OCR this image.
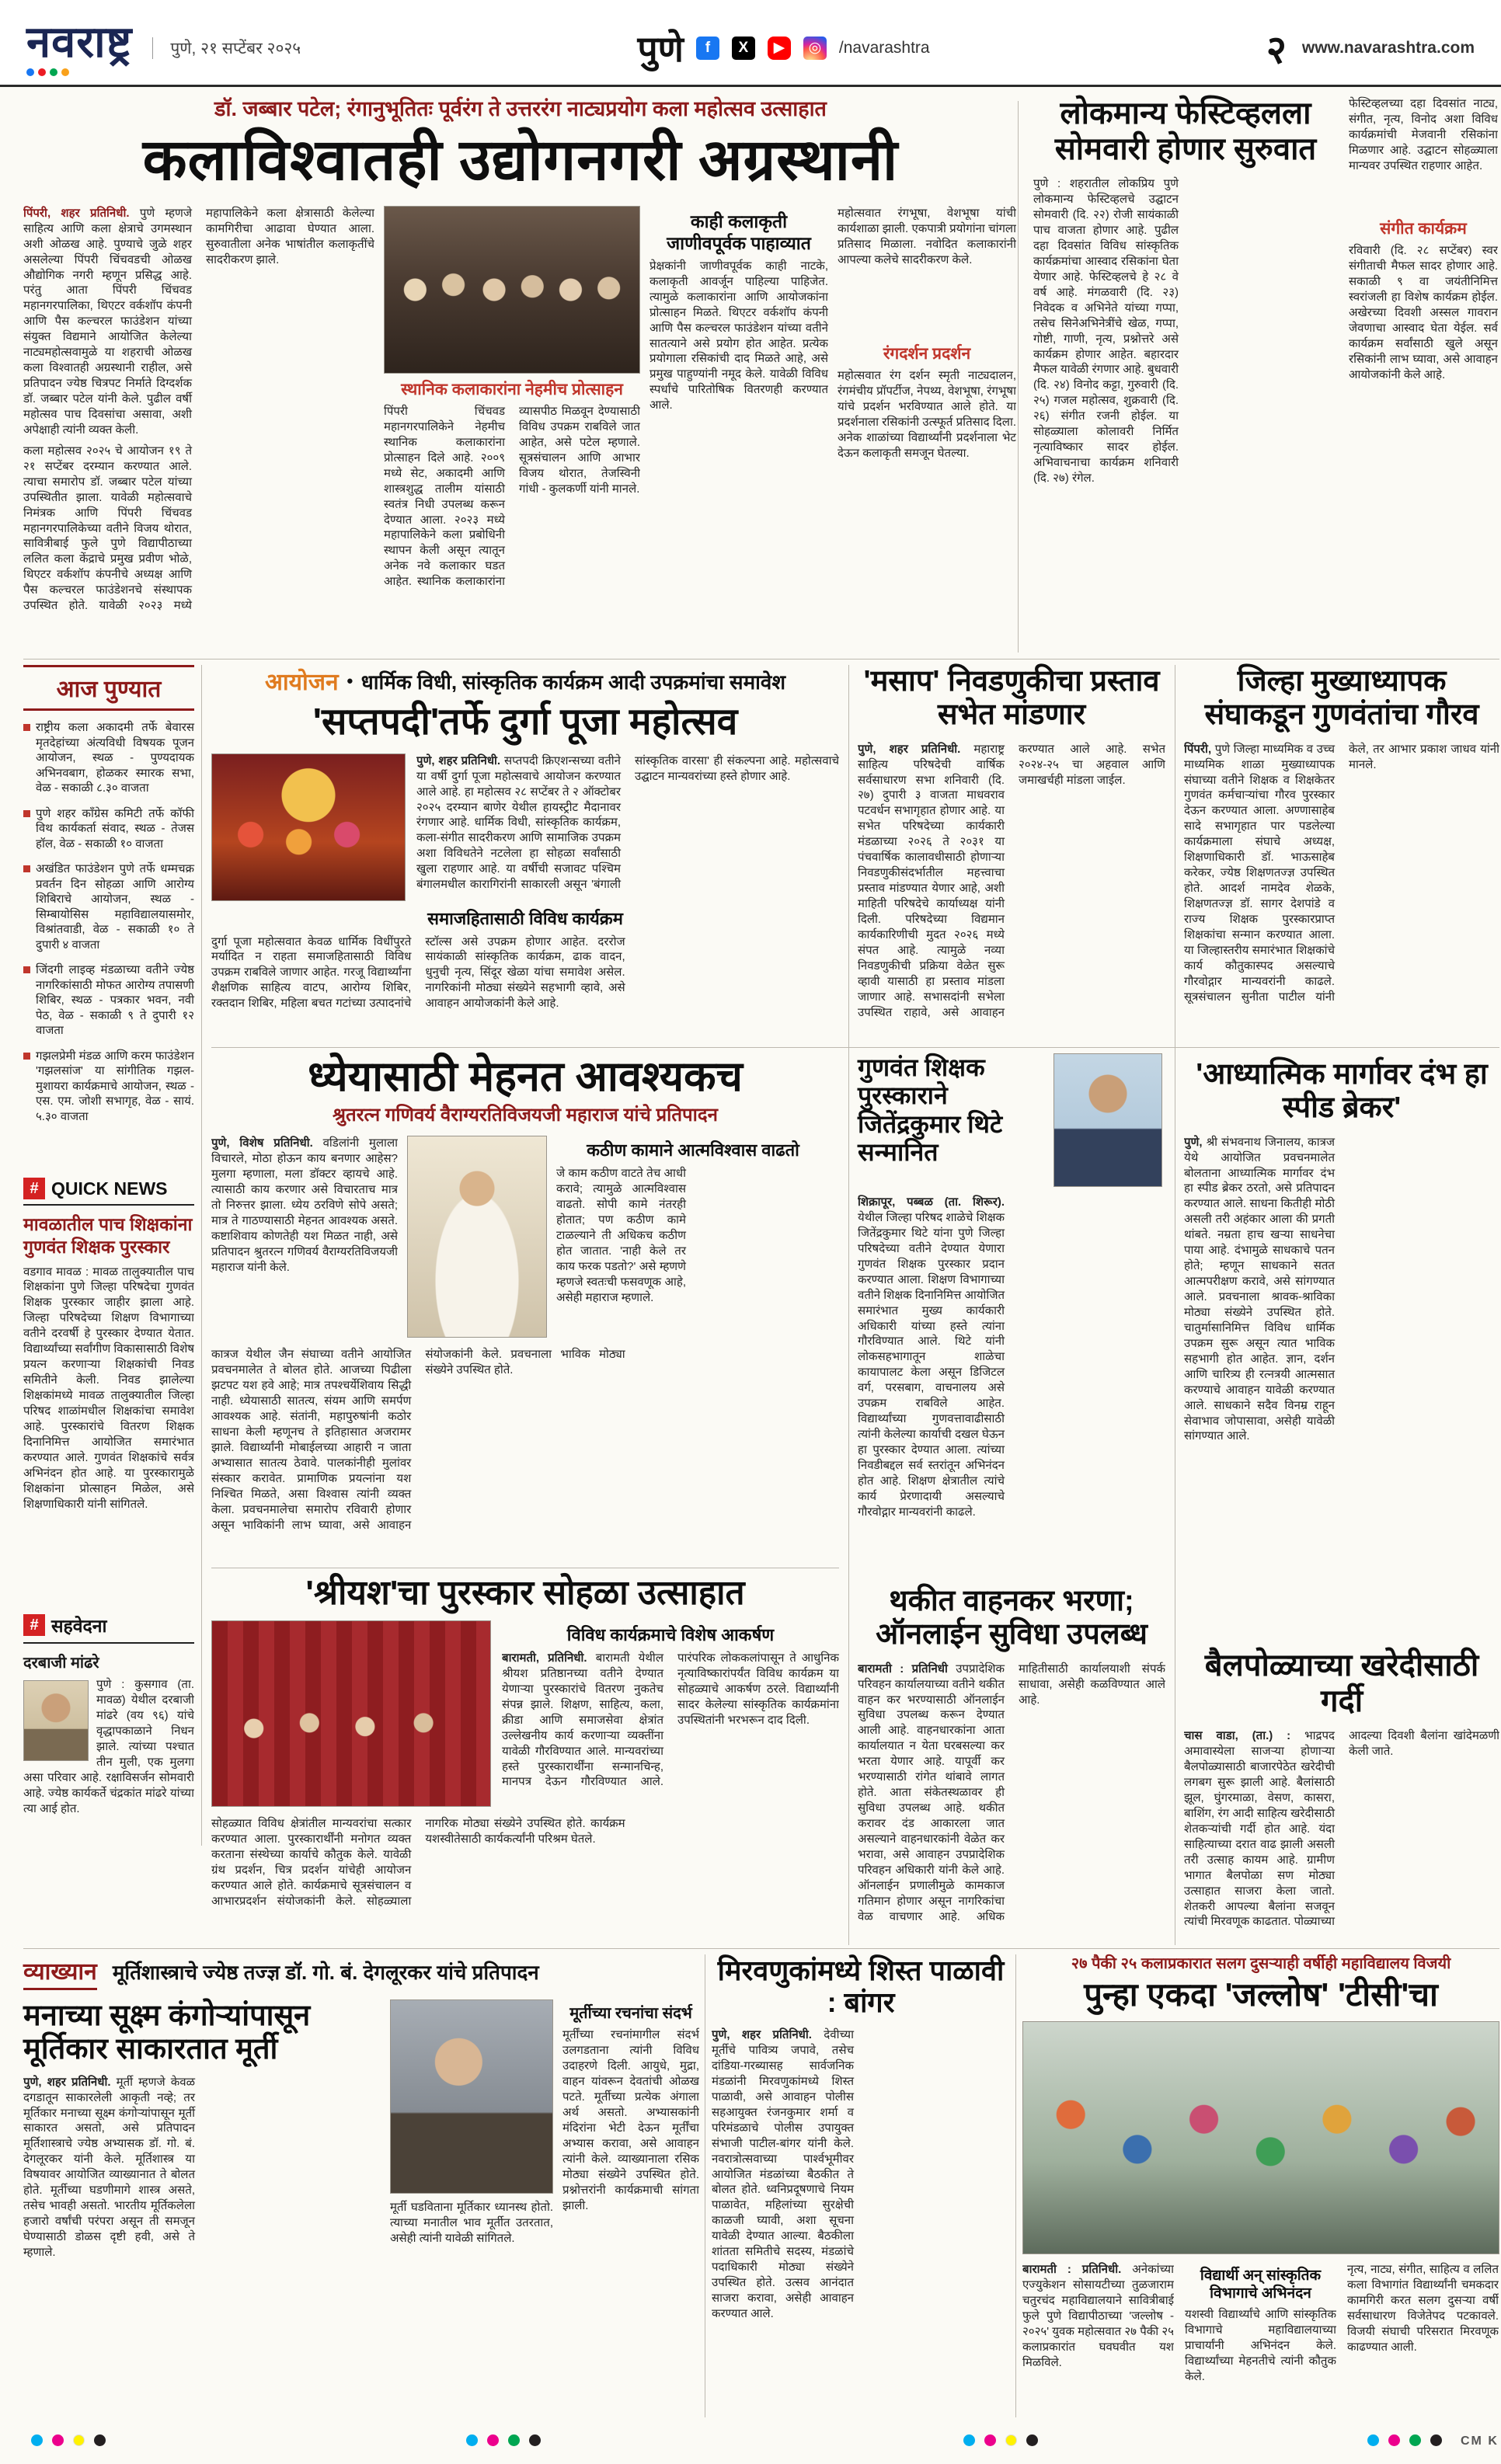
नवराष्ट्र	पुणे, २१ सप्टेंबर २०२५	पुणे	f	X	▶	◎	/navarashtra	२ www.navarashtra.com
डॉ. जब्बार पटेल; रंगानुभूतितः पूर्वरंग ते उत्तररंग नाट्यप्रयोग कला महोत्सव उत्साहात
कलाविश्वातही उद्योगनगरी अग्रस्थानी

पिंपरी, शहर प्रतिनिधी. पुणे म्हणजे साहित्य आणि कला क्षेत्राचे उगमस्थान अशी ओळख आहे. पुण्याचे जुळे शहर असलेल्या पिंपरी चिंचवडची ओळख औद्योगिक नगरी म्हणून प्रसिद्ध आहे. परंतु आता पिंपरी चिंचवड महानगरपालिका, थिएटर वर्कशॉप कंपनी आणि पैस कल्चरल फाउंडेशन यांच्या संयुक्त विद्यमाने आयोजित केलेल्या नाट्यमहोत्सवामुळे या शहराची ओळख कला विश्वातही अग्रस्थानी राहील, असे प्रतिपादन ज्येष्ठ चित्रपट निर्माते दिग्दर्शक डॉ. जब्बार पटेल यांनी केले. पुढील वर्षी महोत्सव पाच दिवसांचा असावा, अशी अपेक्षाही त्यांनी व्यक्त केली.

कला महोत्सव २०२५ चे आयोजन १९ ते २१ सप्टेंबर दरम्यान करण्यात आले. त्याचा समारोप डॉ. जब्बार पटेल यांच्या उपस्थितीत झाला. यावेळी महोत्सवाचे निमंत्रक आणि पिंपरी चिंचवड महानगरपालिकेच्या वतीने विजय थोरात, सावित्रीबाई फुले पुणे विद्यापीठाच्या ललित कला केंद्राचे प्रमुख प्रवीण भोळे, थिएटर वर्कशॉप कंपनीचे अध्यक्ष आणि पैस कल्चरल फाउंडेशनचे संस्थापक उपस्थित होते. यावेळी २०२३ मध्ये महापालिकेने कला क्षेत्रासाठी केलेल्या कामगिरीचा आढावा घेण्यात आला. सुरुवातीला अनेक भाषांतील कलाकृतींचे सादरीकरण झाले.

स्थानिक कलाकारांना नेहमीच प्रोत्साहन
पिंपरी चिंचवड महानगरपालिकेने नेहमीच स्थानिक कलाकारांना प्रोत्साहन दिले आहे. २००९ मध्ये सेट, अकादमी आणि शास्त्रशुद्ध तालीम यांसाठी स्वतंत्र निधी उपलब्ध करून देण्यात आला. २०२३ मध्ये महापालिकेने कला प्रबोधिनी स्थापन केली असून त्यातून अनेक नवे कलाकार घडत आहेत. स्थानिक कलाकारांना व्यासपीठ मिळवून देण्यासाठी विविध उपक्रम राबविले जात आहेत, असे पटेल म्हणाले. सूत्रसंचालन आणि आभार विजय थोरात, तेजस्विनी गांधी - कुलकर्णी यांनी मानले.
काही कलाकृती जाणीवपूर्वक पाहाव्यात
प्रेक्षकांनी जाणीवपूर्वक काही नाटके, कलाकृती आवर्जून पाहिल्या पाहिजेत. त्यामुळे कलाकारांना आणि आयोजकांना प्रोत्साहन मिळते. थिएटर वर्कशॉप कंपनी आणि पैस कल्चरल फाउंडेशन यांच्या वतीने सातत्याने असे प्रयोग होत आहेत. प्रत्येक प्रयोगाला रसिकांची दाद मिळते आहे, असे प्रमुख पाहुण्यांनी नमूद केले. यावेळी विविध स्पर्धांचे पारितोषिक वितरणही करण्यात आले.
महोत्सवात रंगभूषा, वेशभूषा यांची कार्यशाळा झाली. एकपात्री प्रयोगांना चांगला प्रतिसाद मिळाला. नवोदित कलाकारांनी आपल्या कलेचे सादरीकरण केले.
रंगदर्शन प्रदर्शन
महोत्सवात रंग दर्शन स्मृती नाट्यदालन, रंगमंचीय प्रॉपर्टीज, नेपथ्य, वेशभूषा, रंगभूषा यांचे प्रदर्शन भरविण्यात आले होते. या प्रदर्शनाला रसिकांनी उत्स्फूर्त प्रतिसाद दिला. अनेक शाळांच्या विद्यार्थ्यांनी प्रदर्शनाला भेट देऊन कलाकृती समजून घेतल्या.
लोकमान्य फेस्टिव्हलला सोमवारी होणार सुरुवात
पुणे : शहरातील लोकप्रिय पुणे लोकमान्य फेस्टिव्हलचे उद्घाटन सोमवारी (दि. २२) रोजी सायंकाळी पाच वाजता होणार आहे. पुढील दहा दिवसांत विविध सांस्कृतिक कार्यक्रमांचा आस्वाद रसिकांना घेता येणार आहे. फेस्टिव्हलचे हे २८ वे वर्ष आहे. मंगळवारी (दि. २३) निवेदक व अभिनेते यांच्या गप्पा, तसेच सिनेअभिनेत्रींचे खेळ, गप्पा, गोष्टी, गाणी, नृत्य, प्रश्नोत्तरे असे कार्यक्रम होणार आहेत. बहारदार मैफल यावेळी रंगणार आहे. बुधवारी (दि. २४) विनोद कट्टा, गुरुवारी (दि. २५) गजल महोत्सव, शुक्रवारी (दि. २६) संगीत रजनी होईल. या सोहळ्याला कोलावरी निर्मित नृत्याविष्कार सादर होईल. अभिवाचनाचा कार्यक्रम शनिवारी (दि. २७) रंगेल.
फेस्टिव्हलच्या दहा दिवसांत नाट्य, संगीत, नृत्य, विनोद अशा विविध कार्यक्रमांची मेजवानी रसिकांना मिळणार आहे. उद्घाटन सोहळ्याला मान्यवर उपस्थित राहणार आहेत.
संगीत कार्यक्रम
रविवारी (दि. २८ सप्टेंबर) स्वर संगीताची मैफल सादर होणार आहे. सकाळी ९ वा जयंतीनिमित्त स्वरांजली हा विशेष कार्यक्रम होईल. अखेरच्या दिवशी अस्सल गावरान जेवणाचा आस्वाद घेता येईल. सर्व कार्यक्रम सर्वांसाठी खुले असून रसिकांनी लाभ घ्यावा, असे आवाहन आयोजकांनी केले आहे.
आज पुण्यात
राष्ट्रीय कला अकादमी तर्फे बेवारस मृतदेहांच्या अंत्यविधी विषयक पूजन आयोजन, स्थळ - पुण्यदायक अभिनवबाग, होळकर स्मारक सभा, वेळ - सकाळी ८.३० वाजता
पुणे शहर काँग्रेस कमिटी तर्फे कॉफी विथ कार्यकर्ता संवाद, स्थळ - तेजस हॉल, वेळ - सकाळी १० वाजता
अखंडित फाउंडेशन पुणे तर्फे धम्मचक्र प्रवर्तन दिन सोहळा आणि आरोग्य शिबिराचे आयोजन, स्थळ - सिम्बायोसिस महाविद्यालयासमोर, विश्रांतवाडी, वेळ - सकाळी १० ते दुपारी ४ वाजता
जिंदगी लाइव्ह मंडळाच्या वतीने ज्येष्ठ नागरिकांसाठी मोफत आरोग्य तपासणी शिबिर, स्थळ - पत्रकार भवन, नवी पेठ, वेळ - सकाळी ९ ते दुपारी १२ वाजता
गझलप्रेमी मंडळ आणि करम फाउंडेशन 'गझलसांज' या सांगीतिक गझल-मुशायरा कार्यक्रमाचे आयोजन, स्थळ - एस. एम. जोशी सभागृह, वेळ - सायं. ५.३० वाजता
आयोजन ● धार्मिक विधी, सांस्कृतिक कार्यक्रम आदी उपक्रमांचा समावेश
'सप्तपदी'तर्फे दुर्गा पूजा महोत्सव
पुणे, शहर प्रतिनिधी. सप्तपदी क्रिएशन्सच्या वतीने या वर्षी दुर्गा पूजा महोत्सवाचे आयोजन करण्यात आले आहे. हा महोत्सव २८ सप्टेंबर ते २ ऑक्टोबर २०२५ दरम्यान बाणेर येथील हायस्ट्रीट मैदानावर रंगणार आहे. धार्मिक विधी, सांस्कृतिक कार्यक्रम, कला-संगीत सादरीकरण आणि सामाजिक उपक्रम अशा विविधतेने नटलेला हा सोहळा सर्वांसाठी खुला राहणार आहे. या वर्षीची सजावट पश्चिम बंगालमधील कारागिरांनी साकारली असून 'बंगाली सांस्कृतिक वारसा' ही संकल्पना आहे. महोत्सवाचे उद्घाटन मान्यवरांच्या हस्ते होणार आहे.
समाजहितासाठी विविध कार्यक्रम
दुर्गा पूजा महोत्सवात केवळ धार्मिक विधींपुरते मर्यादित न राहता समाजहितासाठी विविध उपक्रम राबविले जाणार आहेत. गरजू विद्यार्थ्यांना शैक्षणिक साहित्य वाटप, आरोग्य शिबिर, रक्तदान शिबिर, महिला बचत गटांच्या उत्पादनांचे स्टॉल्स असे उपक्रम होणार आहेत. दररोज सायंकाळी सांस्कृतिक कार्यक्रम, ढाक वादन, धुनुची नृत्य, सिंदूर खेळा यांचा समावेश असेल. नागरिकांनी मोठ्या संख्येने सहभागी व्हावे, असे आवाहन आयोजकांनी केले आहे.
'मसाप' निवडणुकीचा प्रस्ताव सभेत मांडणार
पुणे, शहर प्रतिनिधी. महाराष्ट्र साहित्य परिषदेची वार्षिक सर्वसाधारण सभा शनिवारी (दि. २७) दुपारी ३ वाजता माधवराव पटवर्धन सभागृहात होणार आहे. या सभेत परिषदेच्या कार्यकारी मंडळाच्या २०२६ ते २०३१ या पंचवार्षिक कालावधीसाठी होणाऱ्या निवडणुकीसंदर्भातील महत्त्वाचा प्रस्ताव मांडण्यात येणार आहे, अशी माहिती परिषदेचे कार्याध्यक्ष यांनी दिली. परिषदेच्या विद्यमान कार्यकारिणीची मुदत २०२६ मध्ये संपत आहे. त्यामुळे नव्या निवडणुकीची प्रक्रिया वेळेत सुरू व्हावी यासाठी हा प्रस्ताव मांडला जाणार आहे. सभासदांनी सभेला उपस्थित राहावे, असे आवाहन करण्यात आले आहे. सभेत २०२४-२५ चा अहवाल आणि जमाखर्चही मांडला जाईल.
जिल्हा मुख्याध्यापक संघाकडून गुणवंतांचा गौरव
पिंपरी, पुणे जिल्हा माध्यमिक व उच्च माध्यमिक शाळा मुख्याध्यापक संघाच्या वतीने शिक्षक व शिक्षकेतर गुणवंत कर्मचाऱ्यांचा गौरव पुरस्कार देऊन करण्यात आला. अण्णासाहेब सादे सभागृहात पार पडलेल्या कार्यक्रमाला संघाचे अध्यक्ष, शिक्षणाधिकारी डॉ. भाऊसाहेब करेकर, ज्येष्ठ शिक्षणतज्ज्ञ उपस्थित होते. आदर्श नामदेव शेळके, शिक्षणतज्ज्ञ डॉ. सागर देशपांडे व राज्य शिक्षक पुरस्कारप्राप्त शिक्षकांचा सन्मान करण्यात आला. या जिल्हास्तरीय समारंभात शिक्षकांचे कार्य कौतुकास्पद असल्याचे गौरवोद्गार मान्यवरांनी काढले. सूत्रसंचालन सुनीता पाटील यांनी केले, तर आभार प्रकाश जाधव यांनी मानले.
ध्येयासाठी मेहनत आवश्यकच
श्रुतरत्न गणिवर्य वैराग्यरतिविजयजी महाराज यांचे प्रतिपादन
पुणे, विशेष प्रतिनिधी. वडिलांनी मुलाला विचारले, मोठा होऊन काय बनणार आहेस? मुलगा म्हणाला, मला डॉक्टर व्हायचे आहे. त्यासाठी काय करणार असे विचारताच मात्र तो निरुत्तर झाला. ध्येय ठरविणे सोपे असते; मात्र ते गाठण्यासाठी मेहनत आवश्यक असते. कष्टाशिवाय कोणतेही यश मिळत नाही, असे प्रतिपादन श्रुतरत्न गणिवर्य वैराग्यरतिविजयजी महाराज यांनी केले.
कठीण कामाने आत्मविश्वास वाढतो
जे काम कठीण वाटते तेच आधी करावे; त्यामुळे आत्मविश्वास वाढतो. सोपी कामे नंतरही होतात; पण कठीण कामे टाळल्याने ती अधिकच कठीण होत जातात. 'नाही केले तर काय फरक पडतो?' असे म्हणणे म्हणजे स्वतःची फसवणूक आहे, असेही महाराज म्हणाले.
कात्रज येथील जैन संघाच्या वतीने आयोजित प्रवचनमालेत ते बोलत होते. आजच्या पिढीला झटपट यश हवे आहे; मात्र तपश्चर्येशिवाय सिद्धी नाही. ध्येयासाठी सातत्य, संयम आणि समर्पण आवश्यक आहे. संतांनी, महापुरुषांनी कठोर साधना केली म्हणूनच ते इतिहासात अजरामर झाले. विद्यार्थ्यांनी मोबाईलच्या आहारी न जाता अभ्यासात सातत्य ठेवावे. पालकांनीही मुलांवर संस्कार करावेत. प्रामाणिक प्रयत्नांना यश निश्चित मिळते, असा विश्वास त्यांनी व्यक्त केला. प्रवचनमालेचा समारोप रविवारी होणार असून भाविकांनी लाभ घ्यावा, असे आवाहन संयोजकांनी केले. प्रवचनाला भाविक मोठ्या संख्येने उपस्थित होते.
गुणवंत शिक्षक पुरस्काराने जितेंद्रकुमार थिटे सन्मानित
शिक्रापूर, पब्बळ (ता. शिरूर). येथील जिल्हा परिषद शाळेचे शिक्षक जितेंद्रकुमार थिटे यांना पुणे जिल्हा परिषदेच्या वतीने देण्यात येणारा गुणवंत शिक्षक पुरस्कार प्रदान करण्यात आला. शिक्षण विभागाच्या वतीने शिक्षक दिनानिमित्त आयोजित समारंभात मुख्य कार्यकारी अधिकारी यांच्या हस्ते त्यांना गौरविण्यात आले. थिटे यांनी लोकसहभागातून शाळेचा कायापालट केला असून डिजिटल वर्ग, परसबाग, वाचनालय असे उपक्रम राबविले आहेत. विद्यार्थ्यांच्या गुणवत्तावाढीसाठी त्यांनी केलेल्या कार्याची दखल घेऊन हा पुरस्कार देण्यात आला. त्यांच्या निवडीबद्दल सर्व स्तरांतून अभिनंदन होत आहे. शिक्षण क्षेत्रातील त्यांचे कार्य प्रेरणादायी असल्याचे गौरवोद्गार मान्यवरांनी काढले.
'आध्यात्मिक मार्गावर दंभ हा स्पीड ब्रेकर'
पुणे, श्री संभवनाथ जिनालय, कात्रज येथे आयोजित प्रवचनमालेत बोलताना आध्यात्मिक मार्गावर दंभ हा स्पीड ब्रेकर ठरतो, असे प्रतिपादन करण्यात आले. साधना कितीही मोठी असली तरी अहंकार आला की प्रगती थांबते. नम्रता हाच खऱ्या साधनेचा पाया आहे. दंभामुळे साधकाचे पतन होते; म्हणून साधकाने सतत आत्मपरीक्षण करावे, असे सांगण्यात आले. प्रवचनाला श्रावक-श्राविका मोठ्या संख्येने उपस्थित होते. चातुर्मासानिमित्त विविध धार्मिक उपक्रम सुरू असून त्यात भाविक सहभागी होत आहेत. ज्ञान, दर्शन आणि चारित्र्य ही रत्नत्रयी आत्मसात करण्याचे आवाहन यावेळी करण्यात आले. साधकाने सदैव विनम्र राहून सेवाभाव जोपासावा, असेही यावेळी सांगण्यात आले.
# QUICK NEWS
मावळातील पाच शिक्षकांना गुणवंत शिक्षक पुरस्कार
वडगाव मावळ : मावळ तालुक्यातील पाच शिक्षकांना पुणे जिल्हा परिषदेचा गुणवंत शिक्षक पुरस्कार जाहीर झाला आहे. जिल्हा परिषदेच्या शिक्षण विभागाच्या वतीने दरवर्षी हे पुरस्कार देण्यात येतात. विद्यार्थ्यांच्या सर्वांगीण विकासासाठी विशेष प्रयत्न करणाऱ्या शिक्षकांची निवड समितीने केली. निवड झालेल्या शिक्षकांमध्ये मावळ तालुक्यातील जिल्हा परिषद शाळांमधील शिक्षकांचा समावेश आहे. पुरस्कारांचे वितरण शिक्षक दिनानिमित्त आयोजित समारंभात करण्यात आले. गुणवंत शिक्षकांचे सर्वत्र अभिनंदन होत आहे. या पुरस्कारामुळे शिक्षकांना प्रोत्साहन मिळेल, असे शिक्षणाधिकारी यांनी सांगितले.
# सहवेदना
दरबाजी मांढरे
पुणे : कुसगाव (ता. मावळ) येथील दरबाजी मांढरे (वय ९६) यांचे वृद्धापकाळाने निधन झाले. त्यांच्या पश्चात तीन मुली, एक मुलगा असा परिवार आहे. रक्षाविसर्जन सोमवारी आहे. ज्येष्ठ कार्यकर्ते चंद्रकांत मांढरे यांच्या त्या आई होत.
'श्रीयश'चा पुरस्कार सोहळा उत्साहात
विविध कार्यक्रमाचे विशेष आकर्षण
बारामती, प्रतिनिधी. बारामती येथील श्रीयश प्रतिष्ठानच्या वतीने देण्यात येणाऱ्या पुरस्कारांचे वितरण नुकतेच संपन्न झाले. शिक्षण, साहित्य, कला, क्रीडा आणि समाजसेवा क्षेत्रांत उल्लेखनीय कार्य करणाऱ्या व्यक्तींना यावेळी गौरविण्यात आले. मान्यवरांच्या हस्ते पुरस्कारार्थींना सन्मानचिन्ह, मानपत्र देऊन गौरविण्यात आले. पारंपरिक लोककलांपासून ते आधुनिक नृत्याविष्कारांपर्यंत विविध कार्यक्रम या सोहळ्याचे आकर्षण ठरले. विद्यार्थ्यांनी सादर केलेल्या सांस्कृतिक कार्यक्रमांना उपस्थितांनी भरभरून दाद दिली.
सोहळ्यात विविध क्षेत्रांतील मान्यवरांचा सत्कार करण्यात आला. पुरस्कारार्थींनी मनोगत व्यक्त करताना संस्थेच्या कार्याचे कौतुक केले. यावेळी ग्रंथ प्रदर्शन, चित्र प्रदर्शन यांचेही आयोजन करण्यात आले होते. कार्यक्रमाचे सूत्रसंचालन व आभारप्रदर्शन संयोजकांनी केले. सोहळ्याला नागरिक मोठ्या संख्येने उपस्थित होते. कार्यक्रम यशस्वीतेसाठी कार्यकर्त्यांनी परिश्रम घेतले.
थकीत वाहनकर भरणा; ऑनलाईन सुविधा उपलब्ध
बारामती : प्रतिनिधी उपप्रादेशिक परिवहन कार्यालयाच्या वतीने थकीत वाहन कर भरण्यासाठी ऑनलाईन सुविधा उपलब्ध करून देण्यात आली आहे. वाहनधारकांना आता कार्यालयात न येता घरबसल्या कर भरता येणार आहे. यापूर्वी कर भरण्यासाठी रांगेत थांबावे लागत होते. आता संकेतस्थळावर ही सुविधा उपलब्ध आहे. थकीत करावर दंड आकारला जात असल्याने वाहनधारकांनी वेळेत कर भरावा, असे आवाहन उपप्रादेशिक परिवहन अधिकारी यांनी केले आहे. ऑनलाईन प्रणालीमुळे कामकाज गतिमान होणार असून नागरिकांचा वेळ वाचणार आहे. अधिक माहितीसाठी कार्यालयाशी संपर्क साधावा, असेही कळविण्यात आले आहे.
बैलपोळ्याच्या खरेदीसाठी गर्दी
चास वाडा, (ता.) : भाद्रपद अमावास्येला साजऱ्या होणाऱ्या बैलपोळ्यासाठी बाजारपेठेत खरेदीची लगबग सुरू झाली आहे. बैलांसाठी झूल, घुंगरमाळा, वेसण, कासरा, बाशिंग, रंग आदी साहित्य खरेदीसाठी शेतकऱ्यांची गर्दी होत आहे. यंदा साहित्याच्या दरात वाढ झाली असली तरी उत्साह कायम आहे. ग्रामीण भागात बैलपोळा सण मोठ्या उत्साहात साजरा केला जातो. शेतकरी आपल्या बैलांना सजवून त्यांची मिरवणूक काढतात. पोळ्याच्या आदल्या दिवशी बैलांना खांदेमळणी केली जाते.
व्याख्यान मूर्तिशास्त्राचे ज्येष्ठ तज्ज्ञ डॉ. गो. बं. देगलूरकर यांचे प्रतिपादन
मनाच्या सूक्ष्म कंगोऱ्यांपासून मूर्तिकार साकारतात मूर्ती
पुणे, शहर प्रतिनिधी. मूर्ती म्हणजे केवळ दगडातून साकारलेली आकृती नव्हे; तर मूर्तिकार मनाच्या सूक्ष्म कंगोऱ्यांपासून मूर्ती साकारत असतो, असे प्रतिपादन मूर्तिशास्त्राचे ज्येष्ठ अभ्यासक डॉ. गो. बं. देगलूरकर यांनी केले. मूर्तिशास्त्र या विषयावर आयोजित व्याख्यानात ते बोलत होते. मूर्तीच्या घडणीमागे शास्त्र असते, तसेच भावही असतो. भारतीय मूर्तिकलेला हजारो वर्षांची परंपरा असून ती समजून घेण्यासाठी डोळस दृष्टी हवी, असे ते म्हणाले.
मूर्ती घडविताना मूर्तिकार ध्यानस्थ होतो. त्याच्या मनातील भाव मूर्तीत उतरतात, असेही त्यांनी यावेळी सांगितले.
मूर्तीच्या रचनांचा संदर्भ
मूर्तींच्या रचनांमागील संदर्भ उलगडताना त्यांनी विविध उदाहरणे दिली. आयुधे, मुद्रा, वाहन यांवरून देवतांची ओळख पटते. मूर्तीच्या प्रत्येक अंगाला अर्थ असतो. अभ्यासकांनी मंदिरांना भेटी देऊन मूर्तींचा अभ्यास करावा, असे आवाहन त्यांनी केले. व्याख्यानाला रसिक मोठ्या संख्येने उपस्थित होते. प्रश्नोत्तरांनी कार्यक्रमाची सांगता झाली.
मिरवणुकांमध्ये शिस्त पाळावी : बांगर
पुणे, शहर प्रतिनिधी. देवीच्या मूर्तीचे पावित्र्य जपावे, तसेच दांडिया-गरब्यासह सार्वजनिक मंडळांनी मिरवणुकांमध्ये शिस्त पाळावी, असे आवाहन पोलीस सहआयुक्त रंजनकुमार शर्मा व परिमंडळाचे पोलीस उपायुक्त संभाजी पाटील-बांगर यांनी केले. नवरात्रोत्सवाच्या पार्श्वभूमीवर आयोजित मंडळांच्या बैठकीत ते बोलत होते. ध्वनिप्रदूषणाचे नियम पाळावेत, महिलांच्या सुरक्षेची काळजी घ्यावी, अशा सूचना यावेळी देण्यात आल्या. बैठकीला शांतता समितीचे सदस्य, मंडळांचे पदाधिकारी मोठ्या संख्येने उपस्थित होते. उत्सव आनंदात साजरा करावा, असेही आवाहन करण्यात आले.
२७ पैकी २५ कलाप्रकारात सलग दुसऱ्याही वर्षीही मह‍ाविद्यालय विजयी
पुन्हा एकदा 'जल्लोष' 'टीसी'चा
बारामती : प्रतिनिधी. अनेकांच्या एज्युकेशन सोसायटीच्या तुळजाराम चतुरचंद महाविद्यालयाने सावित्रीबाई फुले पुणे विद्यापीठाच्या 'जल्लोष - २०२५' युवक महोत्सवात २७ पैकी २५ कलाप्रकारांत घवघवीत यश मिळविले.
विद्यार्थी अन् सांस्कृतिक विभागाचे अभिनंदन
यशस्वी विद्यार्थ्यांचे आणि सांस्कृतिक विभागाचे महाविद्यालयाच्या प्राचार्यांनी अभिनंदन केले. विद्यार्थ्यांच्या मेहनतीचे त्यांनी कौतुक केले.
नृत्य, नाट्य, संगीत, साहित्य व ललित कला विभागांत विद्यार्थ्यांनी चमकदार कामगिरी करत सलग दुसऱ्या वर्षी सर्वसाधारण विजेतेपद पटकावले. विजयी संघाची परिसरात मिरवणूक काढण्यात आली.
CM K
